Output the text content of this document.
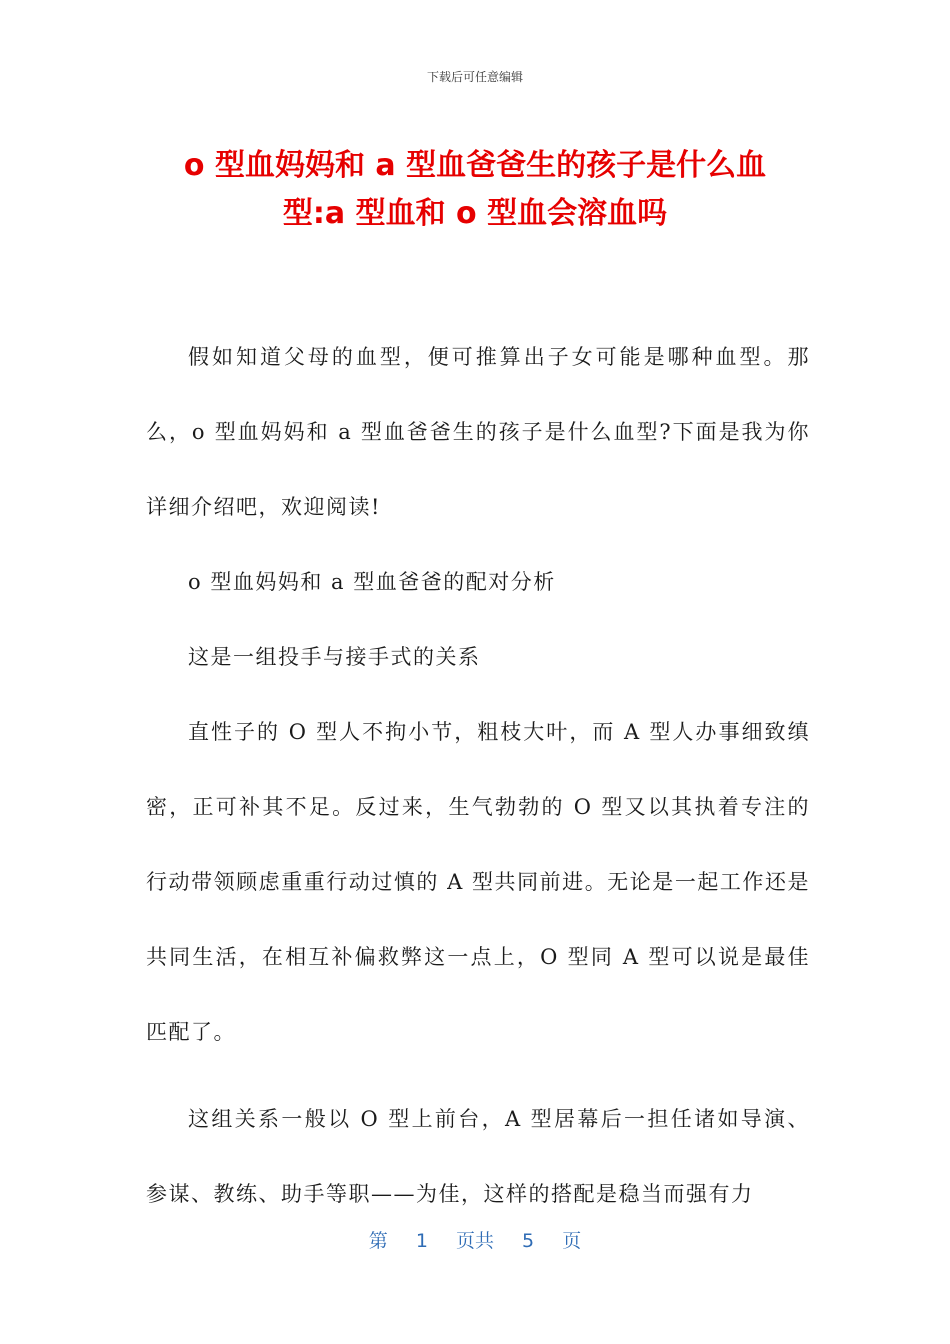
下载后可任意编辑
o 型血妈妈和 a 型血爸爸生的孩子是什么血
型:a 型血和 o 型血会溶血吗

假如知道父母的血型，便可推算出子女可能是哪种血型。那么，o 型血妈妈和 a 型血爸爸生的孩子是什么血型?下面是我为你详细介绍吧，欢迎阅读!

o 型血妈妈和 a 型血爸爸的配对分析

这是一组投手与接手式的关系

直性子的 O 型人不拘小节，粗枝大叶，而 A 型人办事细致缜密，正可补其不足。反过来，生气勃勃的 O 型又以其执着专注的行动带领顾虑重重行动过慎的 A 型共同前进。无论是一起工作还是共同生活，在相互补偏救弊这一点上，O 型同 A 型可以说是最佳匹配了。

这组关系一般以 O 型上前台，A 型居幕后一担任诸如导演、参谋、教练、助手等职——为佳，这样的搭配是稳当而强有力

第 1 页共 5 页
